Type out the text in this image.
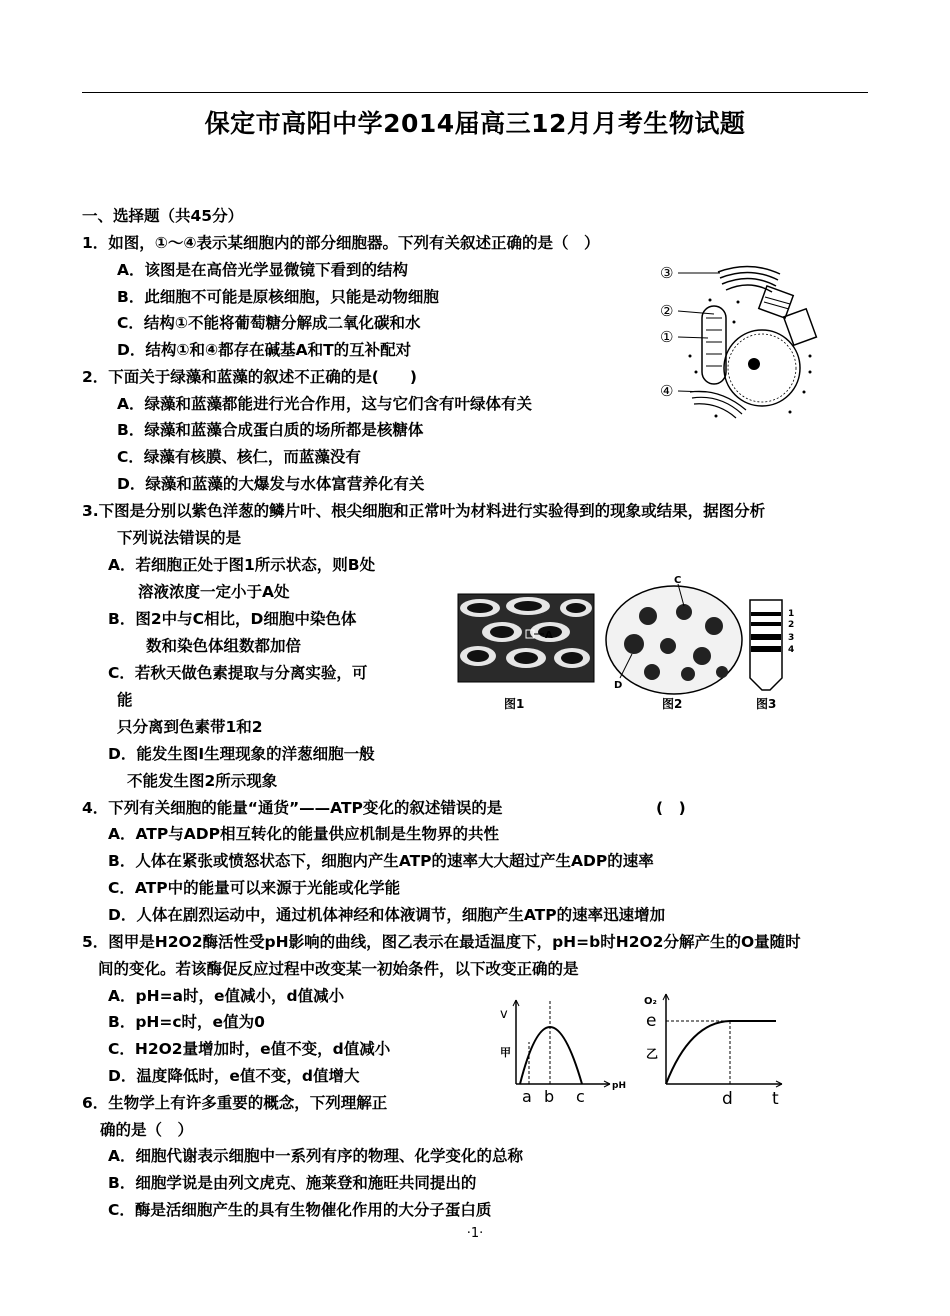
保定市高阳中学2014届高三12月月考生物试题
一、选择题（共45分）
1．如图，①～④表示某细胞内的部分细胞器。下列有关叙述正确的是（　）
A．该图是在高倍光学显微镜下看到的结构
B．此细胞不可能是原核细胞，只能是动物细胞
C．结构①不能将葡萄糖分解成二氧化碳和水
D．结构①和④都存在碱基A和T的互补配对
③
②
①
④
2．下面关于绿藻和蓝藻的叙述不正确的是(　　)
A．绿藻和蓝藻都能进行光合作用，这与它们含有叶绿体有关
B．绿藻和蓝藻合成蛋白质的场所都是核糖体
C．绿藻有核膜、核仁，而蓝藻没有
D．绿藻和蓝藻的大爆发与水体富营养化有关
3.下图是分别以紫色洋葱的鳞片叶、根尖细胞和正常叶为材料进行实验得到的现象或结果，据图分析
下列说法错误的是
A．若细胞正处于图1所示状态，则B处
溶液浓度一定小于A处
B．图2中与C相比，D细胞中染色体
数和染色体组数都加倍
C．若秋天做色素提取与分离实验，可
能
只分离到色素带1和2
D．能发生图Ⅰ生理现象的洋葱细胞一般
不能发生图2所示现象
A
图1
C
D
图2
1
2
3
4
图3
4．下列有关细胞的能量“通货”——ATP变化的叙述错误的是	(　)
A．ATP与ADP相互转化的能量供应机制是生物界的共性
B．人体在紧张或愤怒状态下，细胞内产生ATP的速率大大超过产生ADP的速率
C．ATP中的能量可以来源于光能或化学能
D．人体在剧烈运动中，通过机体神经和体液调节，细胞产生ATP的速率迅速增加
5．图甲是H2O2酶活性受pH影响的曲线，图乙表示在最适温度下，pH=b时H2O2分解产生的O量随时
间的变化。若该酶促反应过程中改变某一初始条件，以下改变正确的是
A．pH=a时，e值减小，d值减小
B．pH=c时，e值为0
C．H2O2量增加时，e值不变，d值减小
D．温度降低时，e值不变，d值增大
v
甲
pH
a b c
O₂
e
乙
d t
6．生物学上有许多重要的概念，下列理解正
确的是（　）
A．细胞代谢表示细胞中一系列有序的物理、化学变化的总称
B．细胞学说是由列文虎克、施莱登和施旺共同提出的
C．酶是活细胞产生的具有生物催化作用的大分子蛋白质
·1·
